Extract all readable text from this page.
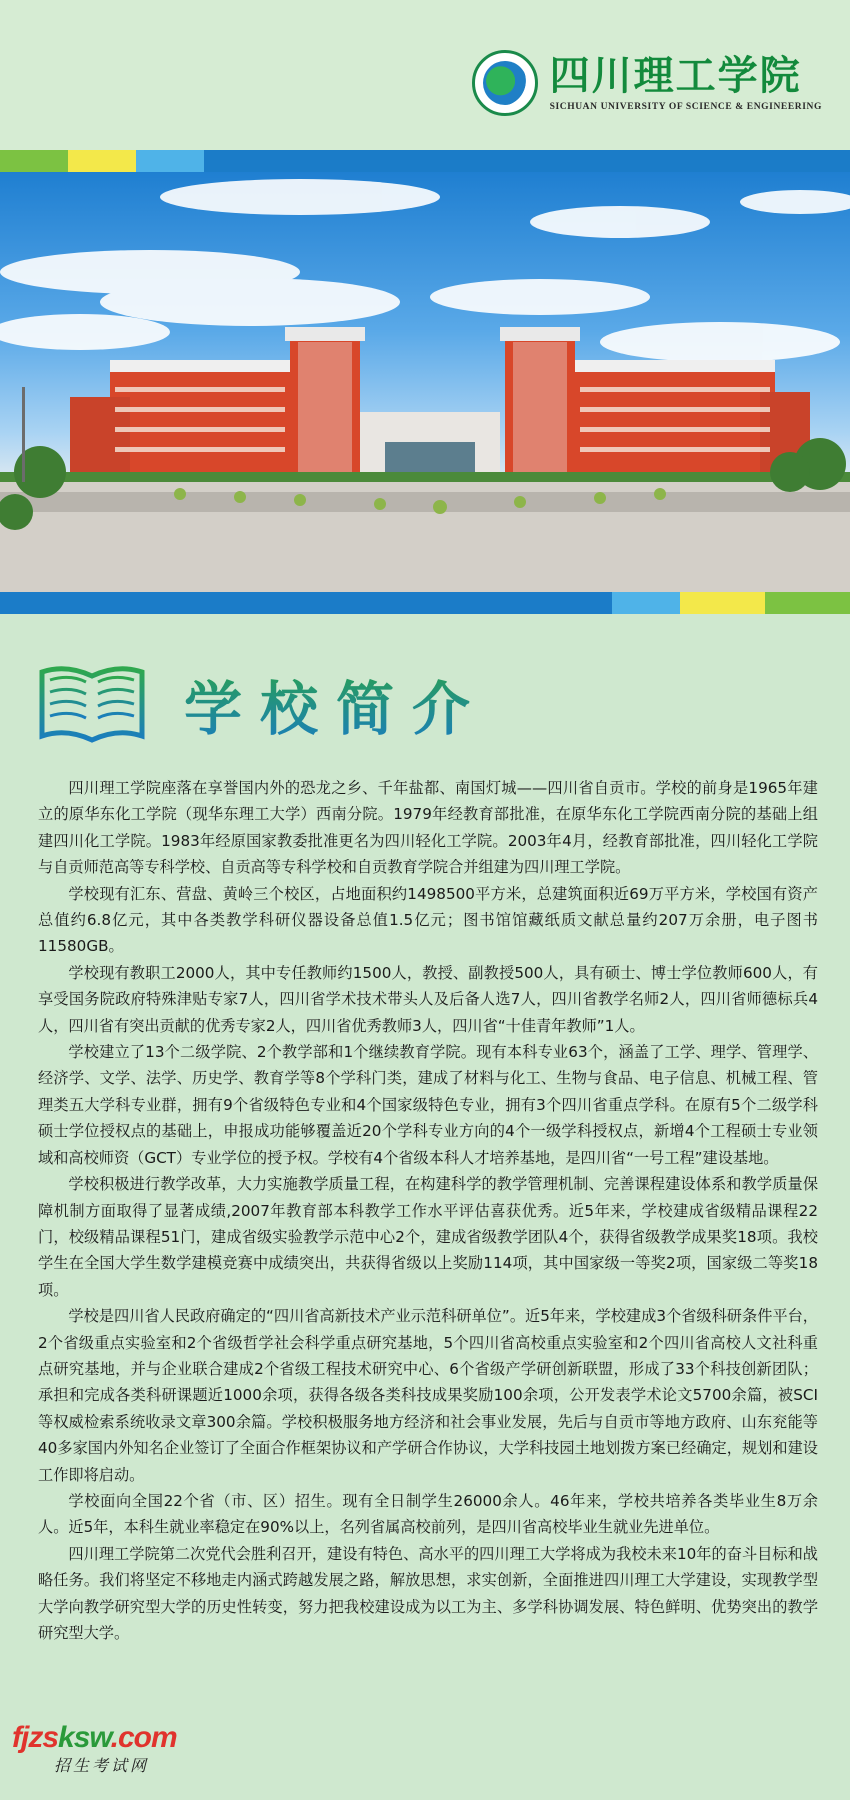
四川理工学院
SICHUAN UNIVERSITY OF SCIENCE & ENGINEERING
学校简介

四川理工学院座落在享誉国内外的恐龙之乡、千年盐都、南国灯城——四川省自贡市。学校的前身是1965年建立的原华东化工学院（现华东理工大学）西南分院。1979年经教育部批准，在原华东化工学院西南分院的基础上组建四川化工学院。1983年经原国家教委批准更名为四川轻化工学院。2003年4月，经教育部批准，四川轻化工学院与自贡师范高等专科学校、自贡高等专科学校和自贡教育学院合并组建为四川理工学院。

学校现有汇东、营盘、黄岭三个校区，占地面积约1498500平方米，总建筑面积近69万平方米，学校国有资产总值约6.8亿元，其中各类教学科研仪器设备总值1.5亿元；图书馆馆藏纸质文献总量约207万余册，电子图书11580GB。

学校现有教职工2000人，其中专任教师约1500人，教授、副教授500人，具有硕士、博士学位教师600人，有享受国务院政府特殊津贴专家7人，四川省学术技术带头人及后备人选7人，四川省教学名师2人，四川省师德标兵4人，四川省有突出贡献的优秀专家2人，四川省优秀教师3人，四川省“十佳青年教师”1人。

学校建立了13个二级学院、2个教学部和1个继续教育学院。现有本科专业63个，涵盖了工学、理学、管理学、经济学、文学、法学、历史学、教育学等8个学科门类，建成了材料与化工、生物与食品、电子信息、机械工程、管理类五大学科专业群，拥有9个省级特色专业和4个国家级特色专业，拥有3个四川省重点学科。在原有5个二级学科硕士学位授权点的基础上，申报成功能够覆盖近20个学科专业方向的4个一级学科授权点，新增4个工程硕士专业领域和高校师资（GCT）专业学位的授予权。学校有4个省级本科人才培养基地，是四川省“一号工程”建设基地。

学校积极进行教学改革，大力实施教学质量工程，在构建科学的教学管理机制、完善课程建设体系和教学质量保障机制方面取得了显著成绩,2007年教育部本科教学工作水平评估喜获优秀。近5年来，学校建成省级精品课程22门，校级精品课程51门，建成省级实验教学示范中心2个，建成省级教学团队4个，获得省级教学成果奖18项。我校学生在全国大学生数学建模竞赛中成绩突出，共获得省级以上奖励114项，其中国家级一等奖2项，国家级二等奖18项。

学校是四川省人民政府确定的“四川省高新技术产业示范科研单位”。近5年来，学校建成3个省级科研条件平台，2个省级重点实验室和2个省级哲学社会科学重点研究基地，5个四川省高校重点实验室和2个四川省高校人文社科重点研究基地，并与企业联合建成2个省级工程技术研究中心、6个省级产学研创新联盟，形成了33个科技创新团队；承担和完成各类科研课题近1000余项，获得各级各类科技成果奖励100余项，公开发表学术论文5700余篇，被SCI等权威检索系统收录文章300余篇。学校积极服务地方经济和社会事业发展，先后与自贡市等地方政府、山东兖能等40多家国内外知名企业签订了全面合作框架协议和产学研合作协议，大学科技园土地划拨方案已经确定，规划和建设工作即将启动。

学校面向全国22个省（市、区）招生。现有全日制学生26000余人。46年来，学校共培养各类毕业生8万余人。近5年，本科生就业率稳定在90%以上，名列省属高校前列，是四川省高校毕业生就业先进单位。

四川理工学院第二次党代会胜利召开，建设有特色、高水平的四川理工大学将成为我校未来10年的奋斗目标和战略任务。我们将坚定不移地走内涵式跨越发展之路，解放思想，求实创新，全面推进四川理工大学建设，实现教学型大学向教学研究型大学的历史性转变，努力把我校建设成为以工为主、多学科协调发展、特色鲜明、优势突出的教学研究型大学。

fjzsksw.com
招生考试网
